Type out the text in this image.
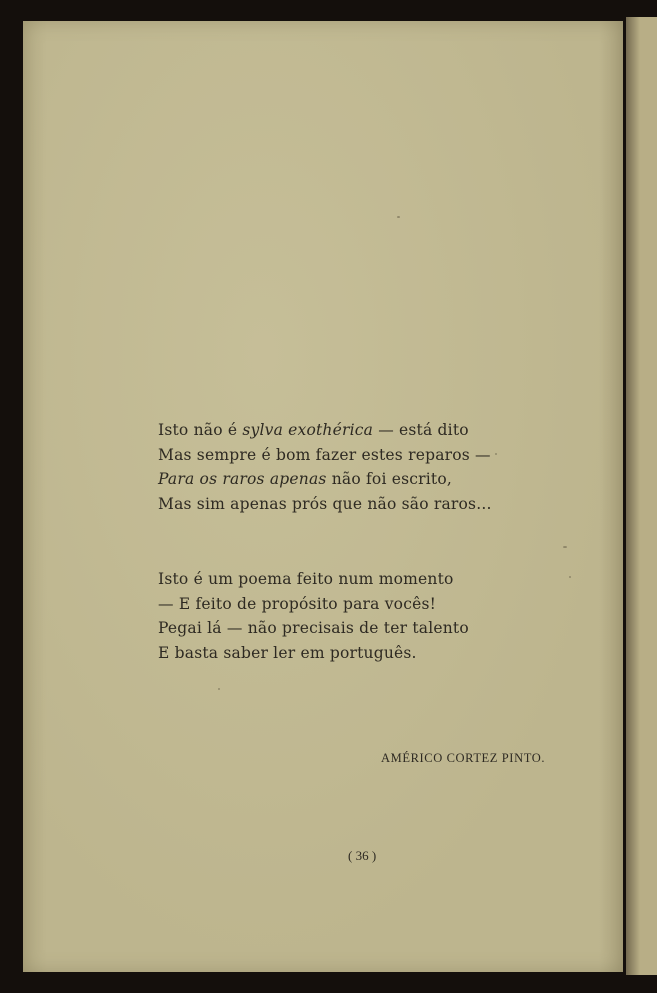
Isto não é sylva exothérica — está dito
Mas sempre é bom fazer estes reparos —
Para os raros apenas não foi escrito,
Mas sim apenas prós que não são raros...
Isto é um poema feito num momento
— E feito de propósito para vocês!
Pegai lá — não precisais de ter talento
E basta saber ler em português.
AMÉRICO CORTEZ PINTO.
( 36 )
